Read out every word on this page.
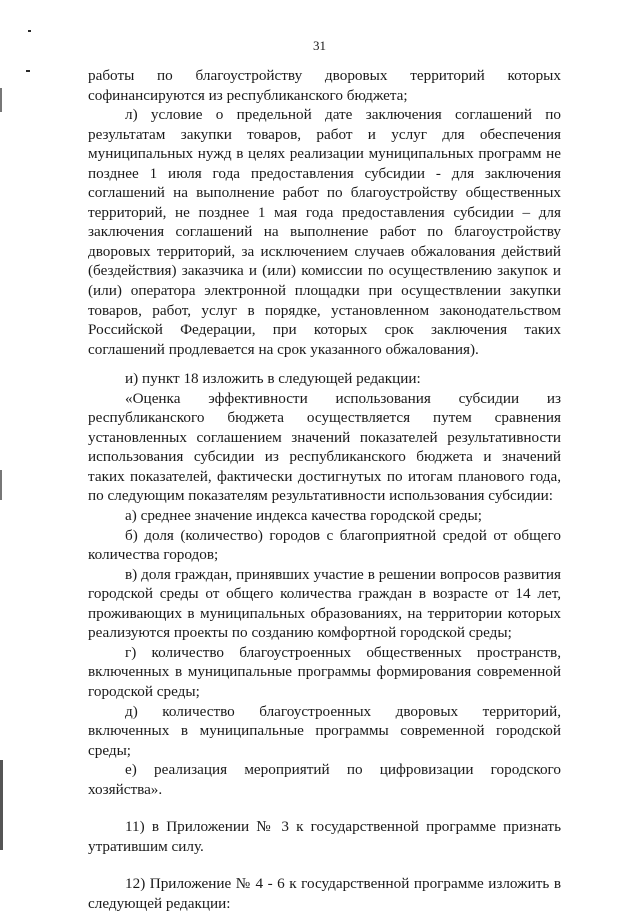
31

работы по благоустройству дворовых территорий которых софинансируются из республиканского бюджета;

л) условие о предельной дате заключения соглашений по результатам закупки товаров, работ и услуг для обеспечения муниципальных нужд в целях реализации муниципальных программ не позднее 1 июля года предоставления субсидии - для заключения соглашений на выполнение работ по благоустройству общественных территорий, не позднее 1 мая года предоставления субсидии – для заключения соглашений на выполнение работ по благоустройству дворовых территорий, за исключением случаев обжалования действий (бездействия) заказчика и (или) комиссии по осуществлению закупок и (или) оператора электронной площадки при осуществлении закупки товаров, работ, услуг в порядке, установленном законодательством Российской Федерации, при которых срок заключения таких соглашений продлевается на срок указанного обжалования).

и) пункт 18 изложить в следующей редакции:

«Оценка эффективности использования субсидии из республиканского бюджета осуществляется путем сравнения установленных соглашением значений показателей результативности использования субсидии из республиканского бюджета и значений таких показателей, фактически достигнутых по итогам планового года, по следующим показателям результативности использования субсидии:

а) среднее значение индекса качества городской среды;

б) доля (количество) городов с благоприятной средой от общего количества городов;

в) доля граждан, принявших участие в решении вопросов развития городской среды от общего количества граждан в возрасте от 14 лет, проживающих в муниципальных образованиях, на территории которых реализуются проекты по созданию комфортной городской среды;

г) количество благоустроенных общественных пространств, включенных в муниципальные программы формирования современной городской среды;

д) количество благоустроенных дворовых территорий, включенных в муниципальные программы современной городской среды;

е) реализация мероприятий по цифровизации городского хозяйства».

11) в Приложении № 3 к государственной программе признать утратившим силу.

12) Приложение № 4 - 6 к государственной программе изложить в следующей редакции:
